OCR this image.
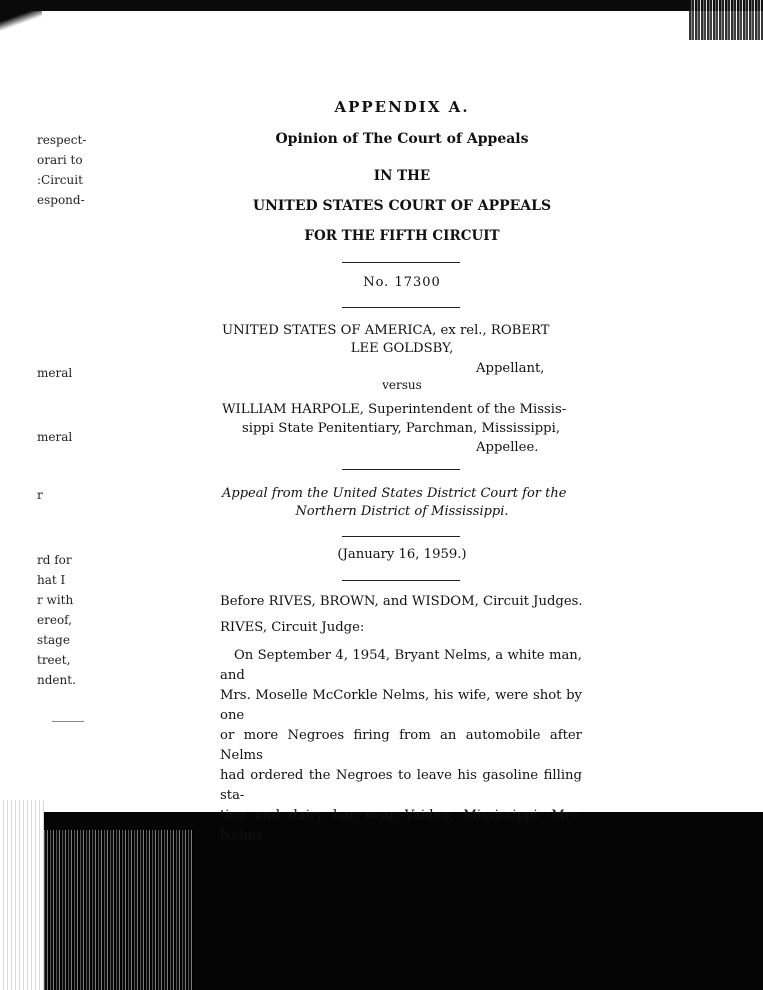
respect-
orari to
:Circuit
espond-
meral
meral
r
rd for
hat I
r with
ereof,
stage
treet,
ndent.
APPENDIX A.
Opinion of The Court of Appeals
IN THE
UNITED STATES COURT OF APPEALS
FOR THE FIFTH CIRCUIT
No. 17300
UNITED STATES OF AMERICA, ex rel., ROBERT
LEE GOLDSBY,
Appellant,
versus
WILLIAM HARPOLE, Superintendent of the Missis-
sippi State Penitentiary, Parchman, Mississippi,
Appellee.
Appeal from the United States District Court for the
Northern District of Mississippi.
(January 16, 1959.)
Before RIVES, BROWN, and WISDOM, Circuit Judges.
RIVES, Circuit Judge:
On September 4, 1954, Bryant Nelms, a white man, and
Mrs. Moselle McCorkle Nelms, his wife, were shot by one
or more Negroes firing from an automobile after Nelms
had ordered the Negroes to leave his gasoline filling sta-
tion and dairy bar near Vaiden, Mississippi. Mrs. Nelms
